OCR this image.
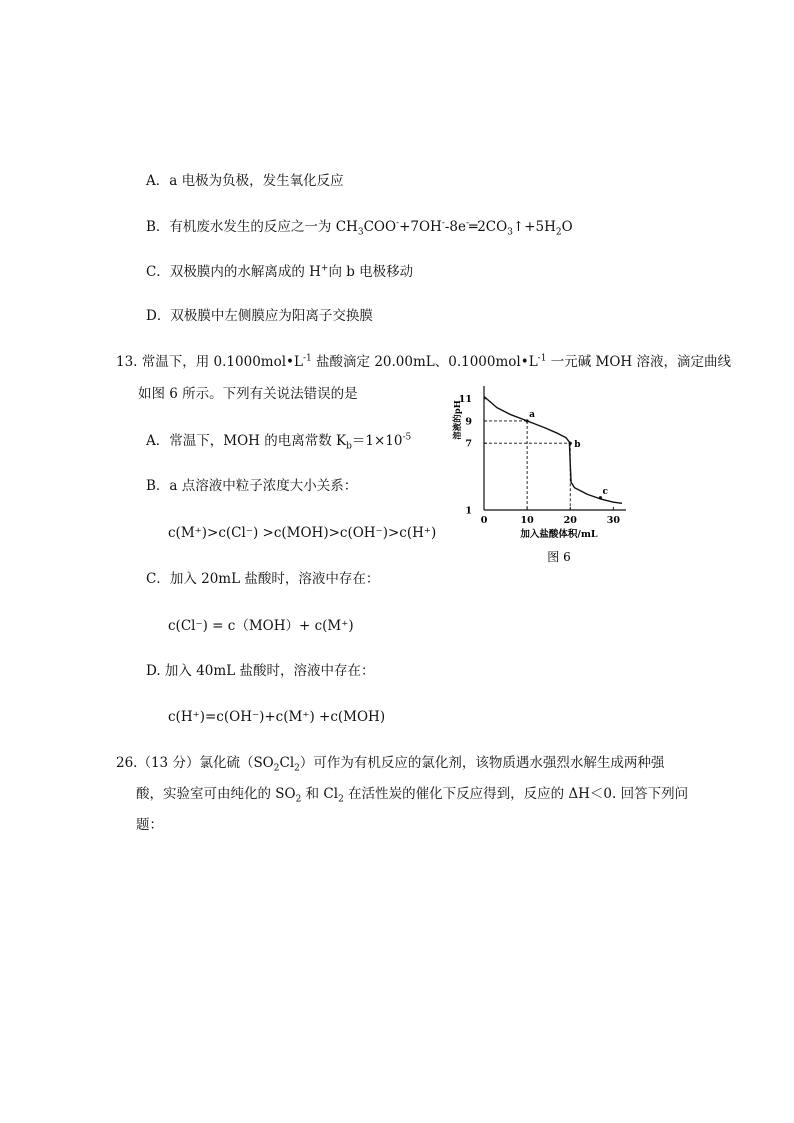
A．a 电极为负极，发生氧化反应
B．有机废水发生的反应之一为 $CH_3COO^-+7OH^--8e^-═2CO_3↑+5H_2O$
C．双极膜内的水解离成的 H+向 b 电极移动
D．双极膜中左侧膜应为阳离子交换膜
13. 常温下，用 $0.1000mol•L^{-1}$ 盐酸滴定 20.00mL、$0.1000mol•L^{-1}$ 一元碱 MOH 溶液，滴定曲线
如图 6 所示。下列有关说法错误的是
A．常温下，MOH 的电离常数 $K_b=1\times 10^{-5}$
B．a 点溶液中粒子浓度大小关系：
c(M⁺)>c(Cl⁻) >c(MOH)>c(OH⁻)>c(H⁺)
C．加入 20mL 盐酸时，溶液中存在：
c(Cl⁻) = c（MOH）+ c(M⁺)
D. 加入 40mL 盐酸时，溶液中存在：
c(H⁺)=c(OH⁻)+c(M⁺) +c(MOH)
0	10	20	30
1
7
9
11
a
b
c
溶液的pH
加入盐酸体积/mL
图 6
26.（13 分）氯化硫$(SO_2Cl_2)$可作为有机反应的氯化剂，该物质遇水强烈水解生成两种强
酸，实验室可由纯化的 $SO_2$ 和 $Cl_2$ 在活性炭的催化下反应得到，反应的 ΔH＜0. 回答下列问
题：
